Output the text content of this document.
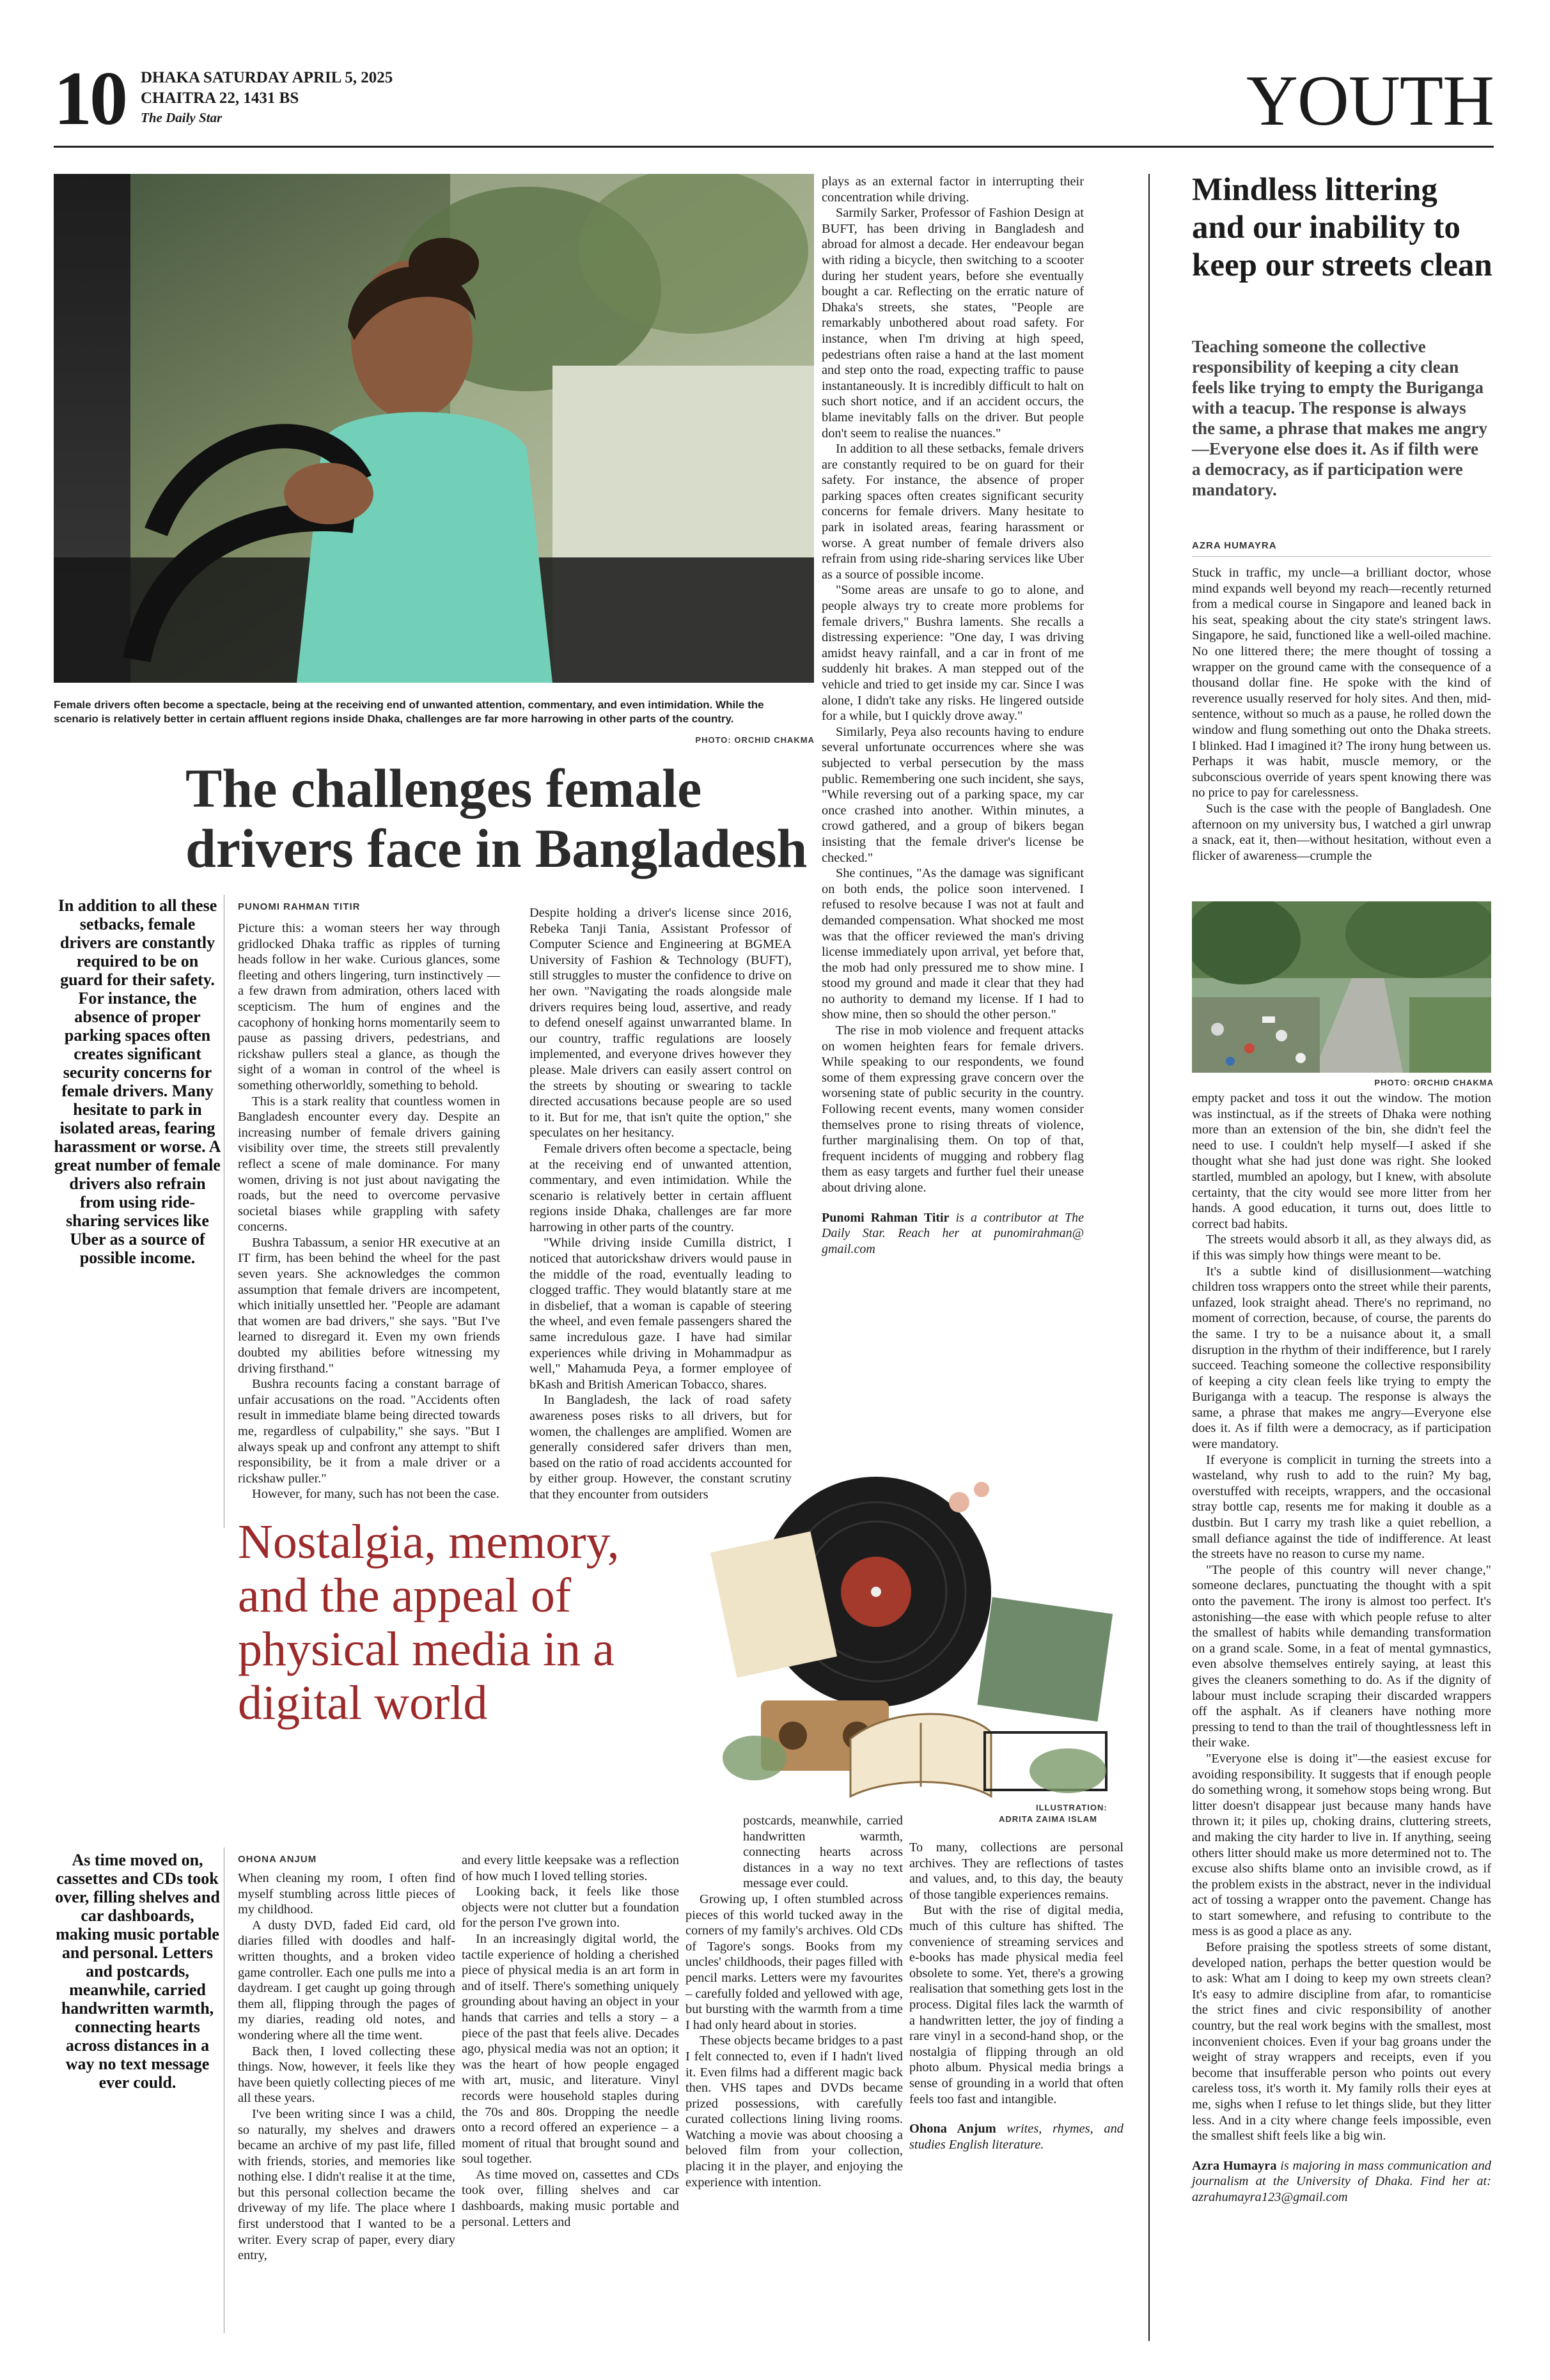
10 DHAKA SATURDAY APRIL 5, 2025
CHAITRA 22, 1431 BS
The Daily Star	YOUTH
Female drivers often become a spectacle, being at the receiving end of unwanted attention, commentary, and even intimidation. While the scenario is relatively better in certain affluent regions inside Dhaka, challenges are far more harrowing in other parts of the country.
PHOTO: ORCHID CHAKMA
The challenges female drivers face in Bangladesh
In addition to all these setbacks, female drivers are constantly required to be on guard for their safety. For instance, the absence of proper parking spaces often creates significant security concerns for female drivers. Many hesitate to park in isolated areas, fearing harassment or worse. A great number of female drivers also refrain from using ride-sharing services like Uber as a source of possible income.
PUNOMI RAHMAN TITIR

Picture this: a woman steers her way through gridlocked Dhaka traffic as ripples of turning heads follow in her wake. Curious glances, some fleeting and others lingering, turn instinctively — a few drawn from admiration, others laced with scepticism. The hum of engines and the cacophony of honking horns momentarily seem to pause as passing drivers, pedestrians, and rickshaw pullers steal a glance, as though the sight of a woman in control of the wheel is something otherworldly, something to behold.

This is a stark reality that countless women in Bangladesh encounter every day. Despite an increasing number of female drivers gaining visibility over time, the streets still prevalently reflect a scene of male dominance. For many women, driving is not just about navigating the roads, but the need to overcome pervasive societal biases while grappling with safety concerns.

Bushra Tabassum, a senior HR executive at an IT firm, has been behind the wheel for the past seven years. She acknowledges the common assumption that female drivers are incompetent, which initially unsettled her. "People are adamant that women are bad drivers," she says. "But I've learned to disregard it. Even my own friends doubted my abilities before witnessing my driving firsthand."

Bushra recounts facing a constant barrage of unfair accusations on the road. "Accidents often result in immediate blame being directed towards me, regardless of culpability," she says. "But I always speak up and confront any attempt to shift responsibility, be it from a male driver or a rickshaw puller."

However, for many, such has not been the case.

Despite holding a driver's license since 2016, Rebeka Tanji Tania, Assistant Professor of Computer Science and Engineering at BGMEA University of Fashion & Technology (BUFT), still struggles to muster the confidence to drive on her own. "Navigating the roads alongside male drivers requires being loud, assertive, and ready to defend oneself against unwarranted blame. In our country, traffic regulations are loosely implemented, and everyone drives however they please. Male drivers can easily assert control on the streets by shouting or swearing to tackle directed accusations because people are so used to it. But for me, that isn't quite the option," she speculates on her hesitancy.

Female drivers often become a spectacle, being at the receiving end of unwanted attention, commentary, and even intimidation. While the scenario is relatively better in certain affluent regions inside Dhaka, challenges are far more harrowing in other parts of the country.

"While driving inside Cumilla district, I noticed that autorickshaw drivers would pause in the middle of the road, eventually leading to clogged traffic. They would blatantly stare at me in disbelief, that a woman is capable of steering the wheel, and even female passengers shared the same incredulous gaze. I have had similar experiences while driving in Mohammadpur as well," Mahamuda Peya, a former employee of bKash and British American Tobacco, shares.

In Bangladesh, the lack of road safety awareness poses risks to all drivers, but for women, the challenges are amplified. Women are generally considered safer drivers than men, based on the ratio of road accidents accounted for by either group. However, the constant scrutiny that they encounter from outsiders

plays as an external factor in interrupting their concentration while driving.

Sarmily Sarker, Professor of Fashion Design at BUFT, has been driving in Bangladesh and abroad for almost a decade. Her endeavour began with riding a bicycle, then switching to a scooter during her student years, before she eventually bought a car. Reflecting on the erratic nature of Dhaka's streets, she states, "People are remarkably unbothered about road safety. For instance, when I'm driving at high speed, pedestrians often raise a hand at the last moment and step onto the road, expecting traffic to pause instantaneously. It is incredibly difficult to halt on such short notice, and if an accident occurs, the blame inevitably falls on the driver. But people don't seem to realise the nuances."

In addition to all these setbacks, female drivers are constantly required to be on guard for their safety. For instance, the absence of proper parking spaces often creates significant security concerns for female drivers. Many hesitate to park in isolated areas, fearing harassment or worse. A great number of female drivers also refrain from using ride-sharing services like Uber as a source of possible income.

"Some areas are unsafe to go to alone, and people always try to create more problems for female drivers," Bushra laments. She recalls a distressing experience: "One day, I was driving amidst heavy rainfall, and a car in front of me suddenly hit brakes. A man stepped out of the vehicle and tried to get inside my car. Since I was alone, I didn't take any risks. He lingered outside for a while, but I quickly drove away."

Similarly, Peya also recounts having to endure several unfortunate occurrences where she was subjected to verbal persecution by the mass public. Remembering one such incident, she says, "While reversing out of a parking space, my car once crashed into another. Within minutes, a crowd gathered, and a group of bikers began insisting that the female driver's license be checked."

She continues, "As the damage was significant on both ends, the police soon intervened. I refused to resolve because I was not at fault and demanded compensation. What shocked me most was that the officer reviewed the man's driving license immediately upon arrival, yet before that, the mob had only pressured me to show mine. I stood my ground and made it clear that they had no authority to demand my license. If I had to show mine, then so should the other person."

The rise in mob violence and frequent attacks on women heighten fears for female drivers. While speaking to our respondents, we found some of them expressing grave concern over the worsening state of public security in the country. Following recent events, many women consider themselves prone to rising threats of violence, further marginalising them. On top of that, frequent incidents of mugging and robbery flag them as easy targets and further fuel their unease about driving alone.

Punomi Rahman Titir is a contributor at The Daily Star. Reach her at punomirahman@ gmail.com

Nostalgia, memory, and the appeal of physical media in a digital world
ILLUSTRATION:
ADRITA ZAIMA ISLAM
As time moved on, cassettes and CDs took over, filling shelves and car dashboards, making music portable and personal. Letters and postcards, meanwhile, carried handwritten warmth, connecting hearts across distances in a way no text message ever could.
OHONA ANJUM

When cleaning my room, I often find myself stumbling across little pieces of my childhood.

A dusty DVD, faded Eid card, old diaries filled with doodles and half-written thoughts, and a broken video game controller. Each one pulls me into a daydream. I get caught up going through them all, flipping through the pages of my diaries, reading old notes, and wondering where all the time went.

Back then, I loved collecting these things. Now, however, it feels like they have been quietly collecting pieces of me all these years.

I've been writing since I was a child, so naturally, my shelves and drawers became an archive of my past life, filled with friends, stories, and memories like nothing else. I didn't realise it at the time, but this personal collection became the driveway of my life. The place where I first understood that I wanted to be a writer. Every scrap of paper, every diary entry,

and every little keepsake was a reflection of how much I loved telling stories.

Looking back, it feels like those objects were not clutter but a foundation for the person I've grown into.

In an increasingly digital world, the tactile experience of holding a cherished piece of physical media is an art form in and of itself. There's something uniquely grounding about having an object in your hands that carries and tells a story – a piece of the past that feels alive. Decades ago, physical media was not an option; it was the heart of how people engaged with art, music, and literature. Vinyl records were household staples during the 70s and 80s. Dropping the needle onto a record offered an experience – a moment of ritual that brought sound and soul together.

As time moved on, cassettes and CDs took over, filling shelves and car dashboards, making music portable and personal. Letters and

postcards, meanwhile, carried handwritten warmth, connecting hearts across distances in a way no text message ever could.

Growing up, I often stumbled across pieces of this world tucked away in the corners of my family's archives. Old CDs of Tagore's songs. Books from my uncles' childhoods, their pages filled with pencil marks. Letters were my favourites – carefully folded and yellowed with age, but bursting with the warmth from a time I had only heard about in stories.

These objects became bridges to a past I felt connected to, even if I hadn't lived it. Even films had a different magic back then. VHS tapes and DVDs became prized possessions, with carefully curated collections lining living rooms. Watching a movie was about choosing a beloved film from your collection, placing it in the player, and enjoying the experience with intention.

To many, collections are personal archives. They are reflections of tastes and values, and, to this day, the beauty of those tangible experiences remains.

But with the rise of digital media, much of this culture has shifted. The convenience of streaming services and e-books has made physical media feel obsolete to some. Yet, there's a growing realisation that something gets lost in the process. Digital files lack the warmth of a handwritten letter, the joy of finding a rare vinyl in a second-hand shop, or the nostalgia of flipping through an old photo album. Physical media brings a sense of grounding in a world that often feels too fast and intangible.

Ohona Anjum writes, rhymes, and studies English literature.

Mindless littering and our inability to keep our streets clean
Teaching someone the collective responsibility of keeping a city clean feels like trying to empty the Buriganga with a teacup. The response is always the same, a phrase that makes me angry—Everyone else does it. As if filth were a democracy, as if participation were mandatory.
AZRA HUMAYRA

Stuck in traffic, my uncle—a brilliant doctor, whose mind expands well beyond my reach—recently returned from a medical course in Singapore and leaned back in his seat, speaking about the city state's stringent laws. Singapore, he said, functioned like a well-oiled machine. No one littered there; the mere thought of tossing a wrapper on the ground came with the consequence of a thousand dollar fine. He spoke with the kind of reverence usually reserved for holy sites. And then, mid-sentence, without so much as a pause, he rolled down the window and flung something out onto the Dhaka streets. I blinked. Had I imagined it? The irony hung between us. Perhaps it was habit, muscle memory, or the subconscious override of years spent knowing there was no price to pay for carelessness.

Such is the case with the people of Bangladesh. One afternoon on my university bus, I watched a girl unwrap a snack, eat it, then—without hesitation, without even a flicker of awareness—crumple the

PHOTO: ORCHID CHAKMA

empty packet and toss it out the window. The motion was instinctual, as if the streets of Dhaka were nothing more than an extension of the bin, she didn't feel the need to use. I couldn't help myself—I asked if she thought what she had just done was right. She looked startled, mumbled an apology, but I knew, with absolute certainty, that the city would see more litter from her hands. A good education, it turns out, does little to correct bad habits.

The streets would absorb it all, as they always did, as if this was simply how things were meant to be.

It's a subtle kind of disillusionment—watching children toss wrappers onto the street while their parents, unfazed, look straight ahead. There's no reprimand, no moment of correction, because, of course, the parents do the same. I try to be a nuisance about it, a small disruption in the rhythm of their indifference, but I rarely succeed. Teaching someone the collective responsibility of keeping a city clean feels like trying to empty the Buriganga with a teacup. The response is always the same, a phrase that makes me angry—Everyone else does it. As if filth were a democracy, as if participation were mandatory.

If everyone is complicit in turning the streets into a wasteland, why rush to add to the ruin? My bag, overstuffed with receipts, wrappers, and the occasional stray bottle cap, resents me for making it double as a dustbin. But I carry my trash like a quiet rebellion, a small defiance against the tide of indifference. At least the streets have no reason to curse my name.

"The people of this country will never change," someone declares, punctuating the thought with a spit onto the pavement. The irony is almost too perfect. It's astonishing—the ease with which people refuse to alter the smallest of habits while demanding transformation on a grand scale. Some, in a feat of mental gymnastics, even absolve themselves entirely saying, at least this gives the cleaners something to do. As if the dignity of labour must include scraping their discarded wrappers off the asphalt. As if cleaners have nothing more pressing to tend to than the trail of thoughtlessness left in their wake.

"Everyone else is doing it"—the easiest excuse for avoiding responsibility. It suggests that if enough people do something wrong, it somehow stops being wrong. But litter doesn't disappear just because many hands have thrown it; it piles up, choking drains, cluttering streets, and making the city harder to live in. If anything, seeing others litter should make us more determined not to. The excuse also shifts blame onto an invisible crowd, as if the problem exists in the abstract, never in the individual act of tossing a wrapper onto the pavement. Change has to start somewhere, and refusing to contribute to the mess is as good a place as any.

Before praising the spotless streets of some distant, developed nation, perhaps the better question would be to ask: What am I doing to keep my own streets clean? It's easy to admire discipline from afar, to romanticise the strict fines and civic responsibility of another country, but the real work begins with the smallest, most inconvenient choices. Even if your bag groans under the weight of stray wrappers and receipts, even if you become that insufferable person who points out every careless toss, it's worth it. My family rolls their eyes at me, sighs when I refuse to let things slide, but they litter less. And in a city where change feels impossible, even the smallest shift feels like a big win.

Azra Humayra is majoring in mass communication and journalism at the University of Dhaka. Find her at: azrahumayra123@gmail.com
